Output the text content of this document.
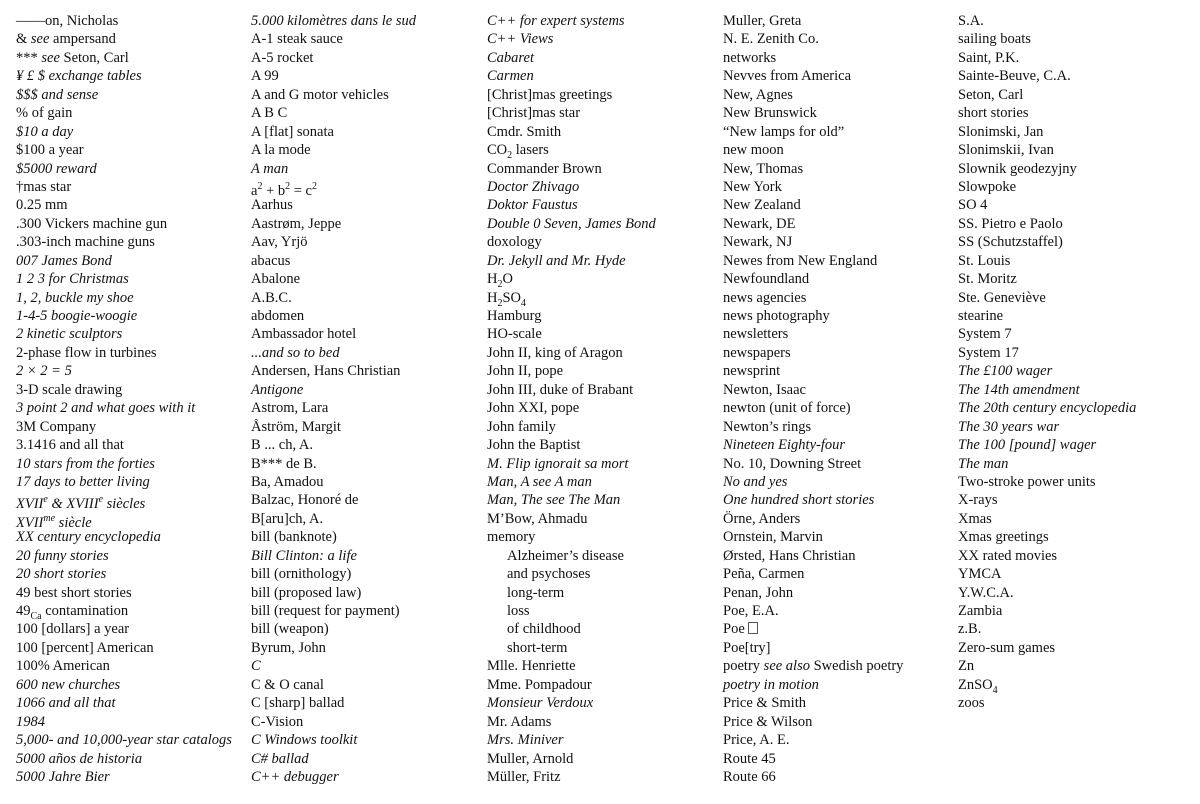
——on, Nicholas
& see ampersand
*** see Seton, Carl
¥ £ $ exchange tables
$$$ and sense
% of gain
$10 a day
$100 a year
$5000 reward
†mas star
0.25 mm
.300 Vickers machine gun
.303-inch machine guns
007 James Bond
1 2 3 for Christmas
1, 2, buckle my shoe
1-4-5 boogie-woogie
2 kinetic sculptors
2-phase flow in turbines
2 × 2 = 5
3-D scale drawing
3 point 2 and what goes with it
3M Company
3.1416 and all that
10 stars from the forties
17 days to better living
XVIIe & XVIIIe siècles
$XVII^{me}$ siècle
XX century encyclopedia
20 funny stories
20 short stories
49 best short stories
$49_{Ca}$ contamination
100 [dollars] a year
100 [percent] American
100% American
600 new churches
1066 and all that
1984
5,000- and 10,000-year star catalogs
5000 años de historia
5000 Jahre Bier
5.000 kilomètres dans le sud
A-1 steak sauce
A-5 rocket
A 99
A and G motor vehicles
A B C
A [flat] sonata
A la mode
A man
$a^2 + b^2 = c^2$
Aarhus
Aastrøm, Jeppe
Aav, Yrjö
abacus
Abalone
A.B.C.
abdomen
Ambassador hotel
...and so to bed
Andersen, Hans Christian
Antigone
Astrom, Lara
Åström, Margit
B ... ch, A.
B*** de B.
Ba, Amadou
Balzac, Honoré de
B[aru]ch, A.
bill (banknote)
Bill Clinton: a life
bill (ornithology)
bill (proposed law)
bill (request for payment)
bill (weapon)
Byrum, John
C
C & O canal
C [sharp] ballad
C-Vision
C Windows toolkit
C# ballad
C++ debugger
C++ for expert systems
C++ Views
Cabaret
Carmen
[Christ]mas greetings
[Christ]mas star
Cmdr. Smith
$CO_2$ lasers
Commander Brown
Doctor Zhivago
Doktor Faustus
Double 0 Seven, James Bond
doxology
Dr. Jekyll and Mr. Hyde
$H_2O$
$H_2SO_4$
Hamburg
HO-scale
John II, king of Aragon
John II, pope
John III, duke of Brabant
John XXI, pope
John family
John the Baptist
M. Flip ignorait sa mort
Man, A see A man
Man, The see The Man
M’Bow, Ahmadu
memory
Alzheimer’s disease
and psychoses
long-term
loss
of childhood
short-term
Mlle. Henriette
Mme. Pompadour
Monsieur Verdoux
Mr. Adams
Mrs. Miniver
Muller, Arnold
Müller, Fritz
Muller, Greta
N. E. Zenith Co.
networks
Nevves from America
New, Agnes
New Brunswick
“New lamps for old”
new moon
New, Thomas
New York
New Zealand
Newark, DE
Newark, NJ
Newes from New England
Newfoundland
news agencies
news photography
newsletters
newspapers
newsprint
Newton, Isaac
newton (unit of force)
Newton’s rings
Nineteen Eighty-four
No. 10, Downing Street
No and yes
One hundred short stories
Örne, Anders
Ornstein, Marvin
Ørsted, Hans Christian
Peña, Carmen
Penan, John
Poe, E.A.
Poe
Poe[try]
poetry see also Swedish poetry
poetry in motion
Price & Smith
Price & Wilson
Price, A. E.
Route 45
Route 66
S.A.
sailing boats
Saint, P.K.
Sainte-Beuve, C.A.
Seton, Carl
short stories
Slonimski, Jan
Slonimskii, Ivan
Slownik geodezyjny
Slowpoke
SO 4
SS. Pietro e Paolo
SS (Schutzstaffel)
St. Louis
St. Moritz
Ste. Geneviève
stearine
System 7
System 17
The £100 wager
The 14th amendment
The 20th century encyclopedia
The 30 years war
The 100 [pound] wager
The man
Two-stroke power units
X-rays
Xmas
Xmas greetings
XX rated movies
YMCA
Y.W.C.A.
Zambia
z.B.
Zero-sum games
Zn
ZnSO$_4$
zoos
